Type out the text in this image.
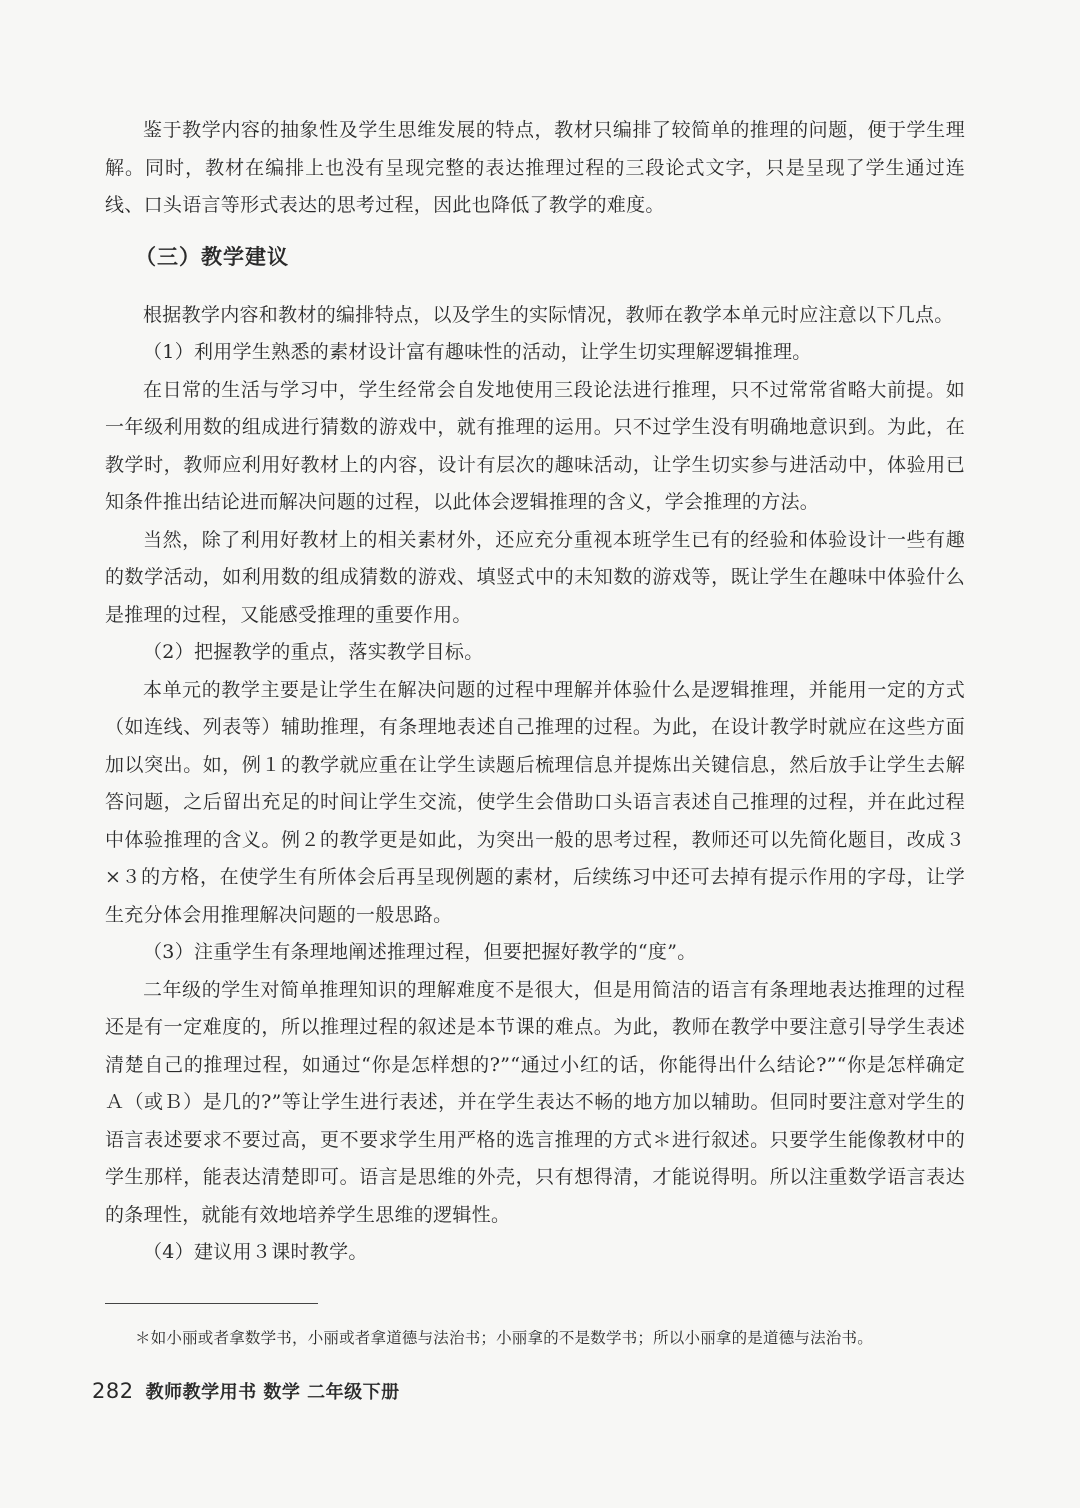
鉴于教学内容的抽象性及学生思维发展的特点，教材只编排了较简单的推理的问题，便于学生理解。同时，教材在编排上也没有呈现完整的表达推理过程的三段论式文字，只是呈现了学生通过连线、口头语言等形式表达的思考过程，因此也降低了教学的难度。

（三）教学建议

根据教学内容和教材的编排特点，以及学生的实际情况，教师在教学本单元时应注意以下几点。

（1）利用学生熟悉的素材设计富有趣味性的活动，让学生切实理解逻辑推理。

在日常的生活与学习中，学生经常会自发地使用三段论法进行推理，只不过常常省略大前提。如一年级利用数的组成进行猜数的游戏中，就有推理的运用。只不过学生没有明确地意识到。为此，在教学时，教师应利用好教材上的内容，设计有层次的趣味活动，让学生切实参与进活动中，体验用已知条件推出结论进而解决问题的过程，以此体会逻辑推理的含义，学会推理的方法。

当然，除了利用好教材上的相关素材外，还应充分重视本班学生已有的经验和体验设计一些有趣的数学活动，如利用数的组成猜数的游戏、填竖式中的未知数的游戏等，既让学生在趣味中体验什么是推理的过程，又能感受推理的重要作用。

（2）把握教学的重点，落实教学目标。

本单元的教学主要是让学生在解决问题的过程中理解并体验什么是逻辑推理，并能用一定的方式（如连线、列表等）辅助推理，有条理地表述自己推理的过程。为此，在设计教学时就应在这些方面加以突出。如，例１的教学就应重在让学生读题后梳理信息并提炼出关键信息，然后放手让学生去解答问题，之后留出充足的时间让学生交流，使学生会借助口头语言表述自己推理的过程，并在此过程中体验推理的含义。例２的教学更是如此，为突出一般的思考过程，教师还可以先简化题目，改成３×３的方格，在使学生有所体会后再呈现例题的素材，后续练习中还可去掉有提示作用的字母，让学生充分体会用推理解决问题的一般思路。

（3）注重学生有条理地阐述推理过程，但要把握好教学的“度”。

二年级的学生对简单推理知识的理解难度不是很大，但是用简洁的语言有条理地表达推理的过程还是有一定难度的，所以推理过程的叙述是本节课的难点。为此，教师在教学中要注意引导学生表述清楚自己的推理过程，如通过“你是怎样想的?”“通过小红的话，你能得出什么结论?”“你是怎样确定Ａ（或Ｂ）是几的?”等让学生进行表述，并在学生表达不畅的地方加以辅助。但同时要注意对学生的语言表述要求不要过高，更不要求学生用严格的选言推理的方式＊进行叙述。只要学生能像教材中的学生那样，能表达清楚即可。语言是思维的外壳，只有想得清，才能说得明。所以注重数学语言表达的条理性，就能有效地培养学生思维的逻辑性。

（4）建议用３课时教学。

＊如小丽或者拿数学书，小丽或者拿道德与法治书；小丽拿的不是数学书；所以小丽拿的是道德与法治书。
282 教师教学用书 数学 二年级下册
